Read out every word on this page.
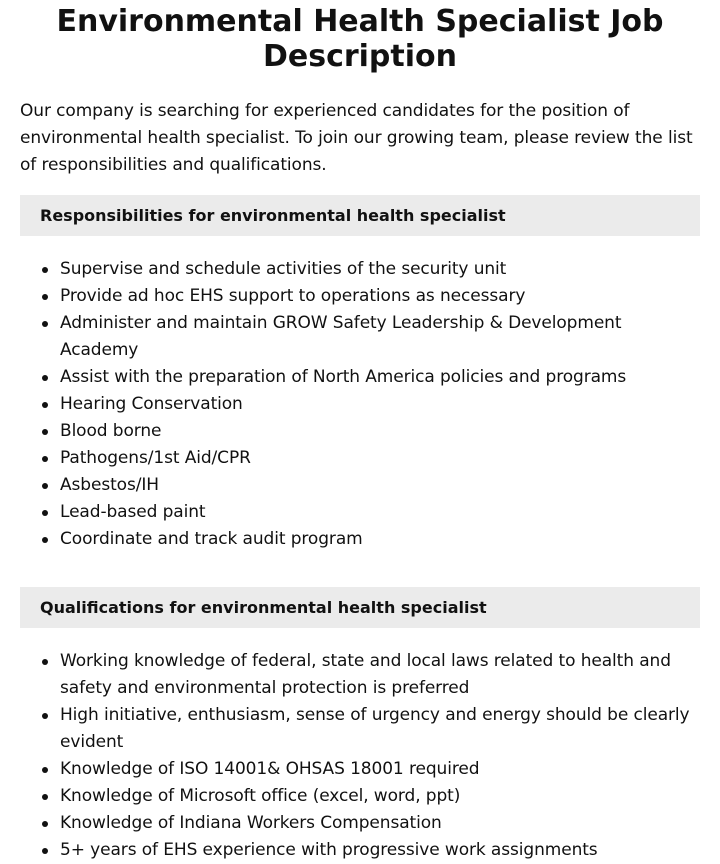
Environmental Health Specialist Job Description

Our company is searching for experienced candidates for the position of environmental health specialist. To join our growing team, please review the list of responsibilities and qualifications.

Responsibilities for environmental health specialist
Supervise and schedule activities of the security unit
Provide ad hoc EHS support to operations as necessary
Administer and maintain GROW Safety Leadership & Development Academy
Assist with the preparation of North America policies and programs
Hearing Conservation
Blood borne
Pathogens/1st Aid/CPR
Asbestos/IH
Lead-based paint
Coordinate and track audit program
Qualifications for environmental health specialist
Working knowledge of federal, state and local laws related to health and safety and environmental protection is preferred
High initiative, enthusiasm, sense of urgency and energy should be clearly evident
Knowledge of ISO 14001& OHSAS 18001 required
Knowledge of Microsoft office (excel, word, ppt)
Knowledge of Indiana Workers Compensation
5+ years of EHS experience with progressive work assignments
